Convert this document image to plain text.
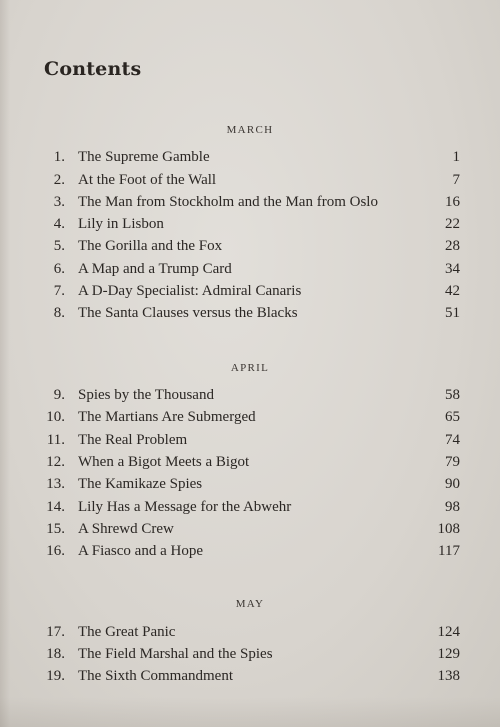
Contents
MARCH
1. The Supreme Gamble	1
2. At the Foot of the Wall	7
3. The Man from Stockholm and the Man from Oslo	16
4. Lily in Lisbon	22
5. The Gorilla and the Fox	28
6. A Map and a Trump Card	34
7. A D-Day Specialist: Admiral Canaris	42
8. The Santa Clauses versus the Blacks	51
APRIL
9. Spies by the Thousand	58
10. The Martians Are Submerged	65
11. The Real Problem	74
12. When a Bigot Meets a Bigot	79
13. The Kamikaze Spies	90
14. Lily Has a Message for the Abwehr	98
15. A Shrewd Crew	108
16. A Fiasco and a Hope	117
MAY
17. The Great Panic	124
18. The Field Marshal and the Spies	129
19. The Sixth Commandment	138
